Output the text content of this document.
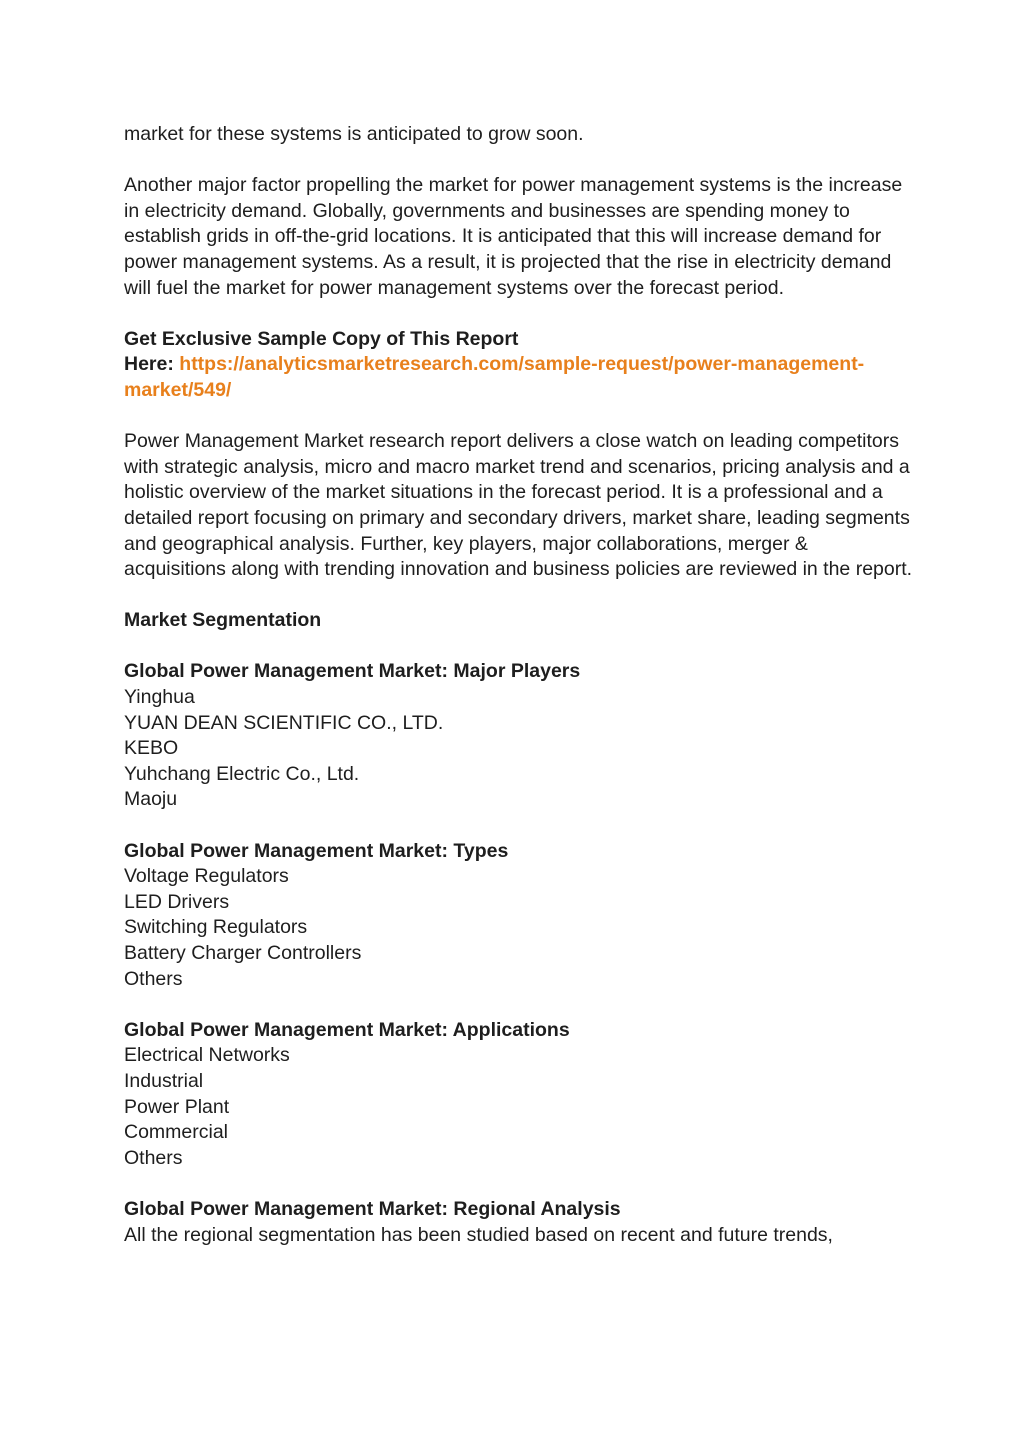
market for these systems is anticipated to grow soon.

Another major factor propelling the market for power management systems is the increase in electricity demand. Globally, governments and businesses are spending money to establish grids in off-the-grid locations. It is anticipated that this will increase demand for power management systems. As a result, it is projected that the rise in electricity demand will fuel the market for power management systems over the forecast period.

Get Exclusive Sample Copy of This Report
Here: https://analyticsmarketresearch.com/sample-request/power-management-market/549/

Power Management Market research report delivers a close watch on leading competitors with strategic analysis, micro and macro market trend and scenarios, pricing analysis and a holistic overview of the market situations in the forecast period. It is a professional and a detailed report focusing on primary and secondary drivers, market share, leading segments and geographical analysis. Further, key players, major collaborations, merger & acquisitions along with trending innovation and business policies are reviewed in the report.

Market Segmentation

Global Power Management Market: Major Players
Yinghua
YUAN DEAN SCIENTIFIC CO., LTD.
KEBO
Yuhchang Electric Co., Ltd.
Maoju

Global Power Management Market: Types
Voltage Regulators
LED Drivers
Switching Regulators
Battery Charger Controllers
Others

Global Power Management Market: Applications
Electrical Networks
Industrial
Power Plant
Commercial
Others

Global Power Management Market: Regional Analysis
All the regional segmentation has been studied based on recent and future trends,
